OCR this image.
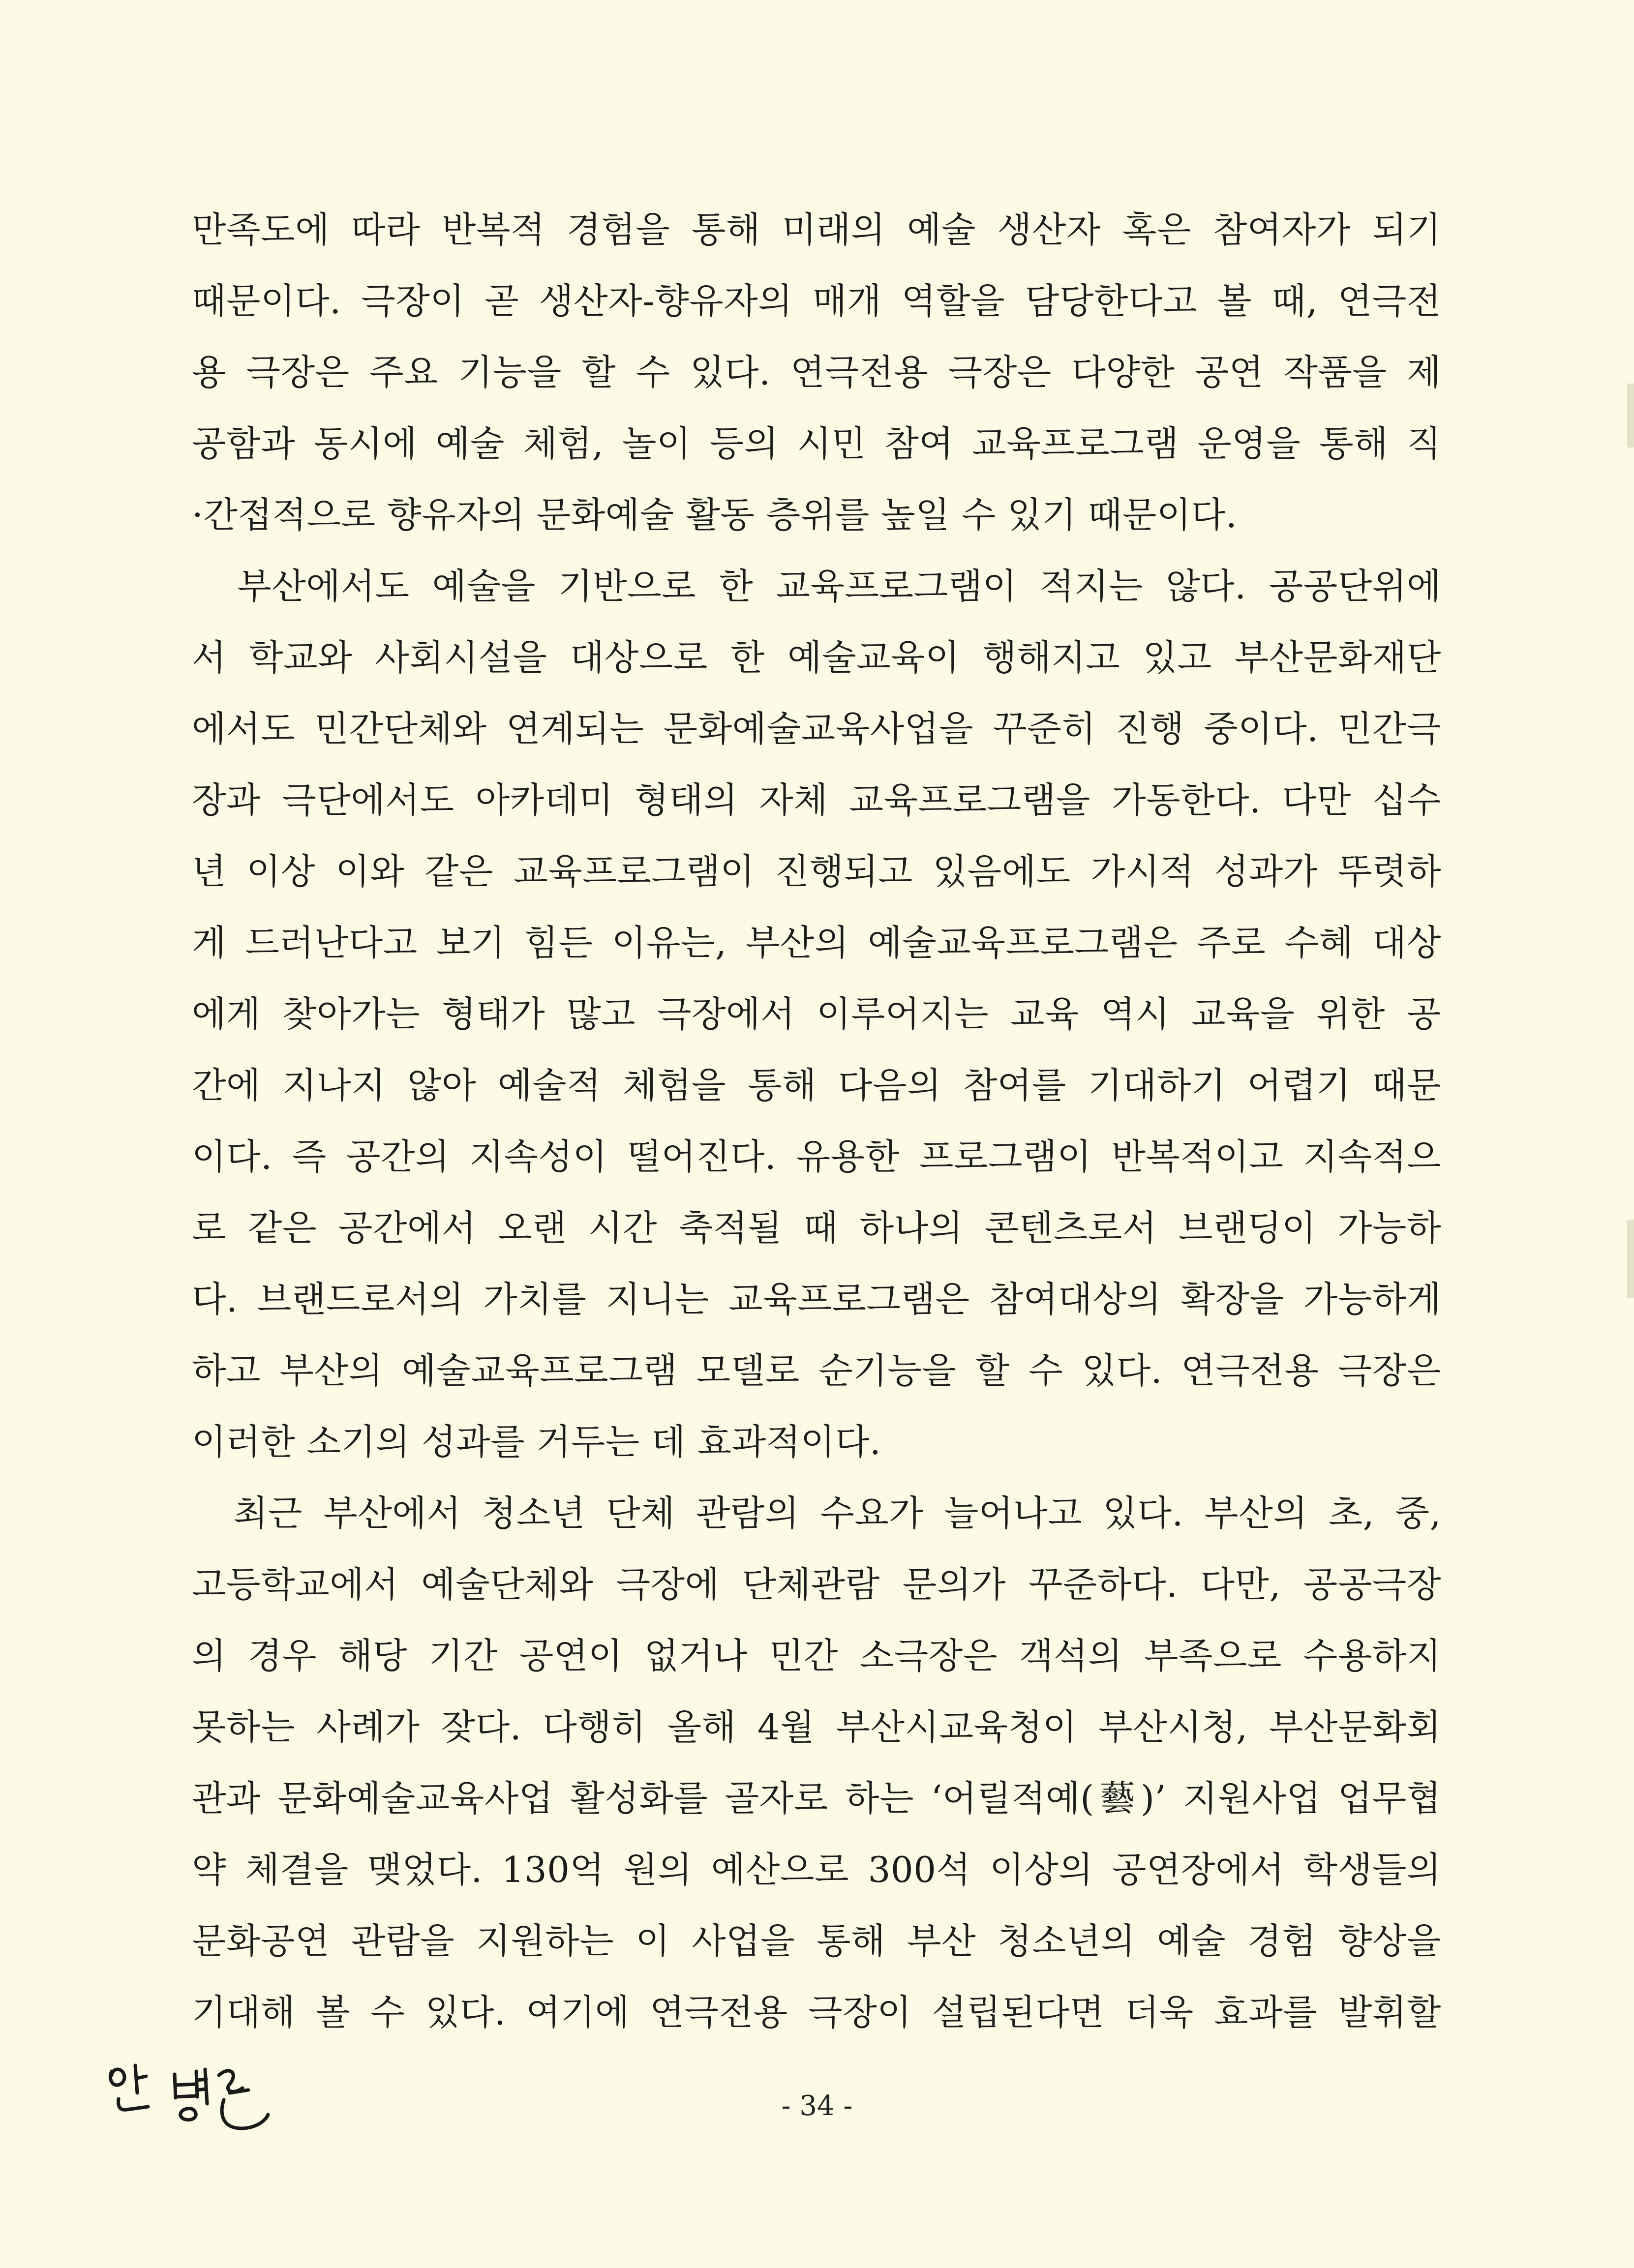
만족도에 따라 반복적 경험을 통해 미래의 예술 생산자 혹은 참여자가 되기
때문이다. 극장이 곧 생산자-향유자의 매개 역할을 담당한다고 볼 때, 연극전
용 극장은 주요 기능을 할 수 있다. 연극전용 극장은 다양한 공연 작품을 제
공함과 동시에 예술 체험, 놀이 등의 시민 참여 교육프로그램 운영을 통해 직
·간접적으로 향유자의 문화예술 활동 층위를 높일 수 있기 때문이다.
부산에서도 예술을 기반으로 한 교육프로그램이 적지는 않다. 공공단위에
서 학교와 사회시설을 대상으로 한 예술교육이 행해지고 있고 부산문화재단
에서도 민간단체와 연계되는 문화예술교육사업을 꾸준히 진행 중이다. 민간극
장과 극단에서도 아카데미 형태의 자체 교육프로그램을 가동한다. 다만 십수
년 이상 이와 같은 교육프로그램이 진행되고 있음에도 가시적 성과가 뚜렷하
게 드러난다고 보기 힘든 이유는, 부산의 예술교육프로그램은 주로 수혜 대상
에게 찾아가는 형태가 많고 극장에서 이루어지는 교육 역시 교육을 위한 공
간에 지나지 않아 예술적 체험을 통해 다음의 참여를 기대하기 어렵기 때문
이다. 즉 공간의 지속성이 떨어진다. 유용한 프로그램이 반복적이고 지속적으
로 같은 공간에서 오랜 시간 축적될 때 하나의 콘텐츠로서 브랜딩이 가능하
다. 브랜드로서의 가치를 지니는 교육프로그램은 참여대상의 확장을 가능하게
하고 부산의 예술교육프로그램 모델로 순기능을 할 수 있다. 연극전용 극장은
이러한 소기의 성과를 거두는 데 효과적이다.
최근 부산에서 청소년 단체 관람의 수요가 늘어나고 있다. 부산의 초, 중,
고등학교에서 예술단체와 극장에 단체관람 문의가 꾸준하다. 다만, 공공극장
의 경우 해당 기간 공연이 없거나 민간 소극장은 객석의 부족으로 수용하지
못하는 사례가 잦다. 다행히 올해 4월 부산시교육청이 부산시청, 부산문화회
관과 문화예술교육사업 활성화를 골자로 하는 ‘어릴적예(藝)’ 지원사업 업무협
약 체결을 맺었다. 130억 원의 예산으로 300석 이상의 공연장에서 학생들의
문화공연 관람을 지원하는 이 사업을 통해 부산 청소년의 예술 경험 향상을
기대해 볼 수 있다. 여기에 연극전용 극장이 설립된다면 더욱 효과를 발휘할
- 34 -
